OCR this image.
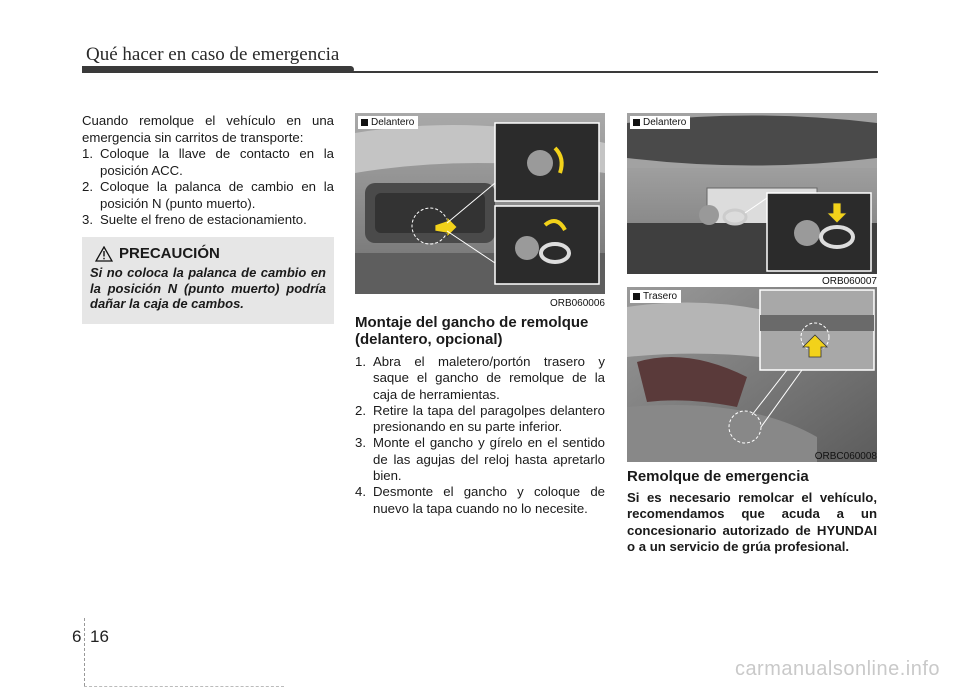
Qué hacer en caso de emergencia

Cuando remolque el vehículo en una emergencia sin carritos de transporte:

1. Coloque la llave de contacto en la posición ACC.
2. Coloque la palanca de cambio en la posición N (punto muerto).
3. Suelte el freno de estacionamiento.
PRECAUCIÓN

Si no coloca la palanca de cambio en la posición N (punto muerto) podría dañar la caja de cambos.

Delantero
ORB060006
Delantero
ORB060007
Trasero
ORBC060008
Montaje del gancho de remolque (delantero, opcional)
1. Abra el maletero/portón trasero y saque el gancho de remolque de la caja de herramientas.
2. Retire la tapa del paragolpes delantero presionando en su parte inferior.
3. Monte el gancho y gírelo en el sentido de las agujas del reloj hasta apretarlo bien.
4. Desmonte el gancho y coloque de nuevo la tapa cuando no lo necesite.
Remolque de emergencia

Si es necesario remolcar el vehículo, recomendamos que acuda a un concesionario autorizado de HYUNDAI o a un servicio de grúa profesional.

6 16
carmanualsonline.info
